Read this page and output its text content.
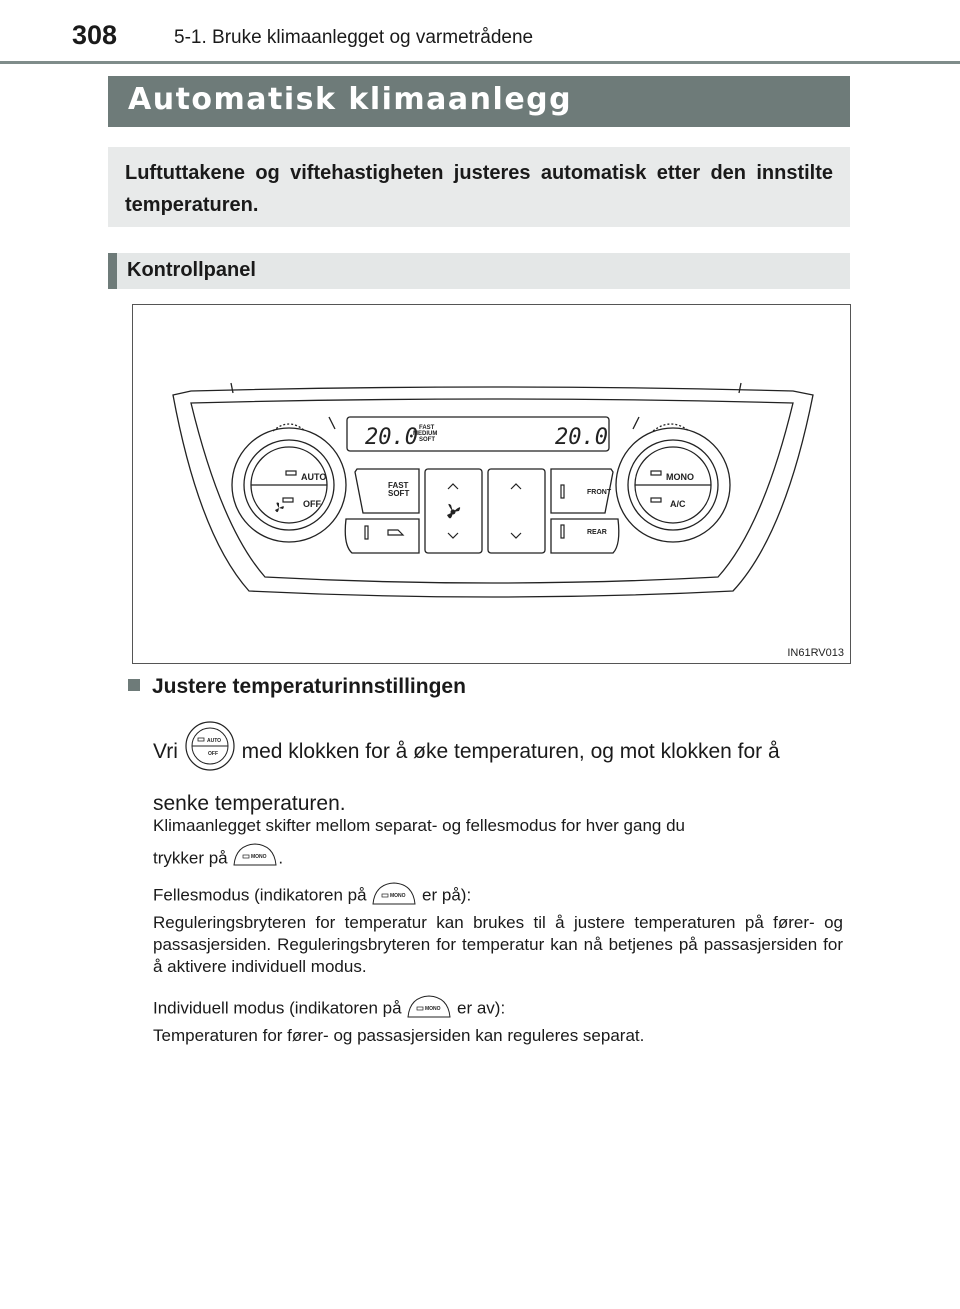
308	5-1. Bruke klimaanlegget og varmetrådene
Automatisk klimaanlegg
Luftuttakene og viftehastigheten justeres automatisk etter den innstilte temperaturen.
Kontrollpanel
20.0	20.0
FAST
MEDIUM
SOFT
AUTO
OFF
FAST
SOFT	FRONT
REAR
MONO
A/C
IN61RV013
Justere temperaturinnstillingen
Vri	AUTO
OFF med klokken for å øke temperaturen, og mot klokken for å
senke temperaturen.
Klimaanlegget skifter mellom separat- og fellesmodus for hver gang du
trykker på	MONO .
Fellesmodus (indikatoren på	MONO er på):
Reguleringsbryteren for temperatur kan brukes til å justere temperaturen på fører- og passasjersiden. Reguleringsbryteren for temperatur kan nå betjenes på passasjersiden for å aktivere individuell modus.
Individuell modus (indikatoren på	MONO er av):
Temperaturen for fører- og passasjersiden kan reguleres separat.
